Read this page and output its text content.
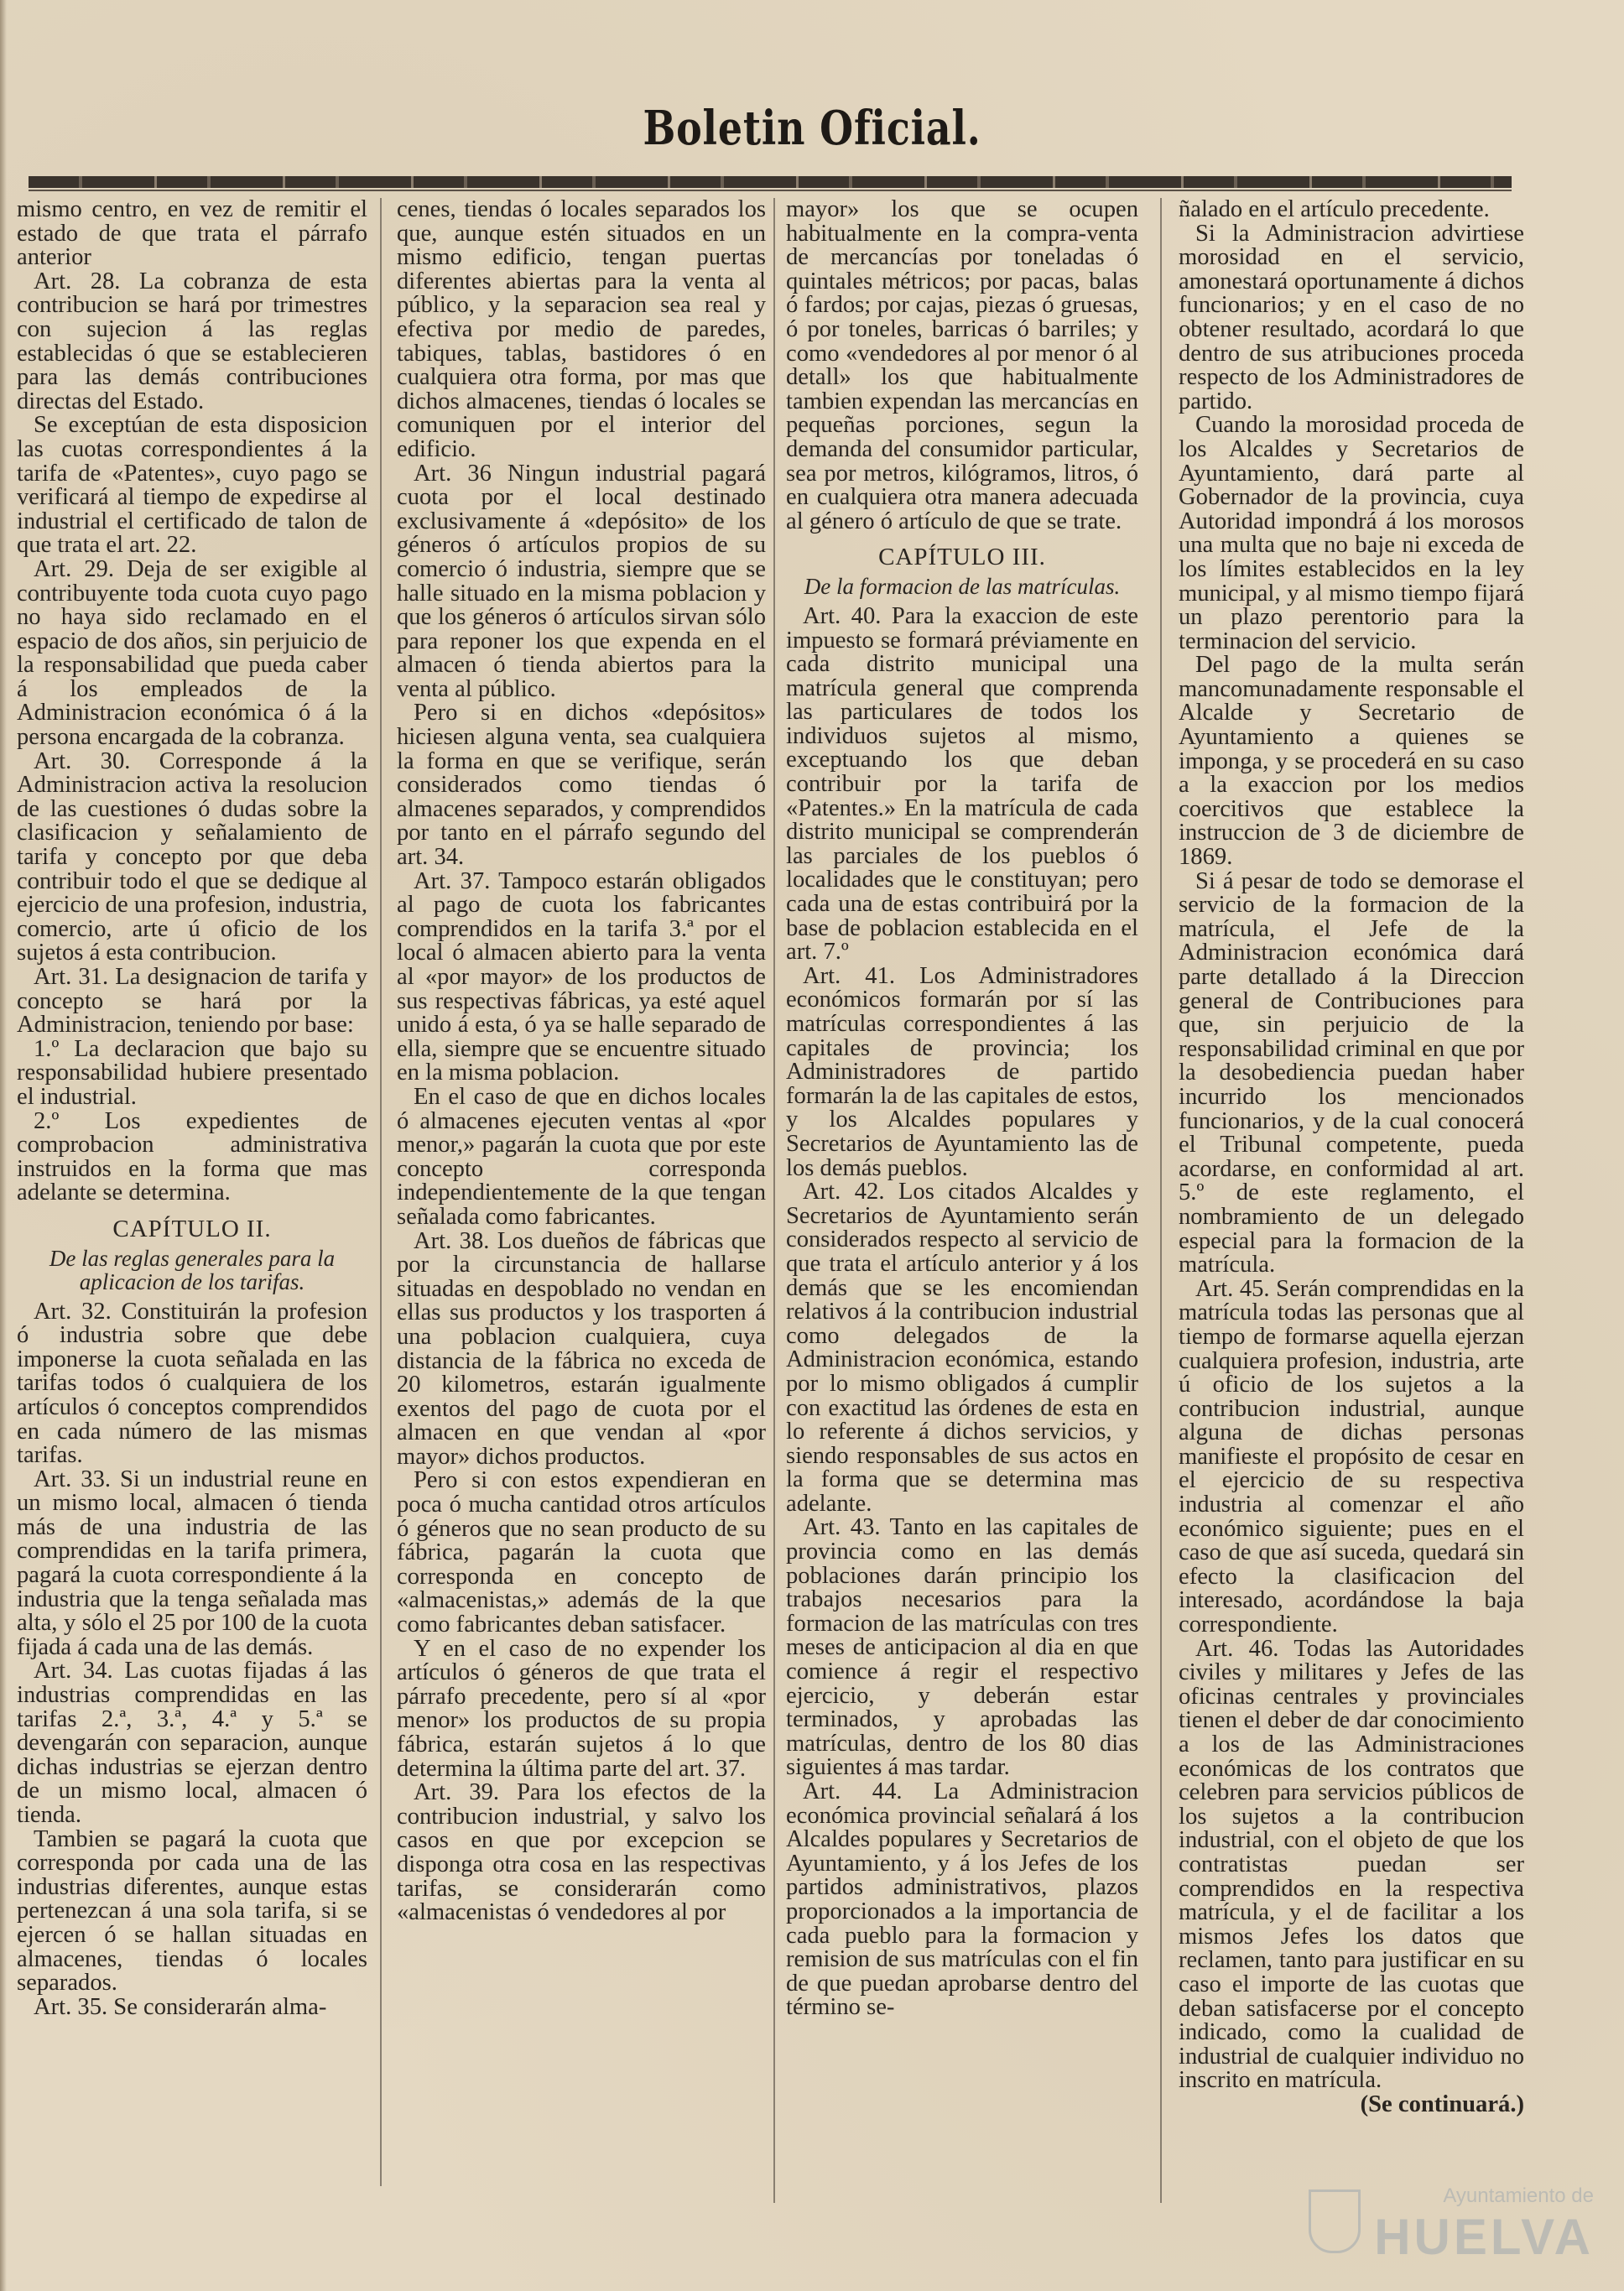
Boletin Oficial.

mismo centro, en vez de remitir el estado de que trata el párrafo anterior

Art. 28. La cobranza de esta contribucion se hará por trimestres con sujecion á las reglas establecidas ó que se establecieren para las demás contribuciones directas del Estado.

Se exceptúan de esta disposicion las cuotas correspondientes á la tarifa de «Patentes», cuyo pago se verificará al tiempo de expedirse al industrial el certificado de talon de que trata el art. 22.

Art. 29. Deja de ser exigible al contribuyente toda cuota cuyo pago no haya sido reclamado en el espacio de dos años, sin perjuicio de la responsabilidad que pueda caber á los empleados de la Administracion económica ó á la persona encargada de la cobranza.

Art. 30. Corresponde á la Administracion activa la resolucion de las cuestiones ó dudas sobre la clasificacion y señalamiento de tarifa y concepto por que deba contribuir todo el que se dedique al ejercicio de una profesion, industria, comercio, arte ú oficio de los sujetos á esta contribucion.

Art. 31. La designacion de tarifa y concepto se hará por la Administracion, teniendo por base:

1.º La declaracion que bajo su responsabilidad hubiere presentado el industrial.

2.º Los expedientes de comprobacion administrativa instruidos en la forma que mas adelante se determina.

CAPÍTULO II.
De las reglas generales para la aplicacion de los tarifas.

Art. 32. Constituirán la profesion ó industria sobre que debe imponerse la cuota señalada en las tarifas todos ó cualquiera de los artículos ó conceptos comprendidos en cada número de las mismas tarifas.

Art. 33. Si un industrial reune en un mismo local, almacen ó tienda más de una industria de las comprendidas en la tarifa primera, pagará la cuota correspondiente á la industria que la tenga señalada mas alta, y sólo el 25 por 100 de la cuota fijada á cada una de las demás.

Art. 34. Las cuotas fijadas á las industrias comprendidas en las tarifas 2.ª, 3.ª, 4.ª y 5.ª se devengarán con separacion, aunque dichas industrias se ejerzan dentro de un mismo local, almacen ó tienda.

Tambien se pagará la cuota que corresponda por cada una de las industrias diferentes, aunque estas pertenezcan á una sola tarifa, si se ejercen ó se hallan situadas en almacenes, tiendas ó locales separados.

Art. 35. Se considerarán alma-

cenes, tiendas ó locales separados los que, aunque estén situados en un mismo edificio, tengan puertas diferentes abiertas para la venta al público, y la separacion sea real y efectiva por medio de paredes, tabiques, tablas, bastidores ó en cualquiera otra forma, por mas que dichos almacenes, tiendas ó locales se comuniquen por el interior del edificio.

Art. 36 Ningun industrial pagará cuota por el local destinado exclusivamente á «depósito» de los géneros ó artículos propios de su comercio ó industria, siempre que se halle situado en la misma poblacion y que los géneros ó artículos sirvan sólo para reponer los que expenda en el almacen ó tienda abiertos para la venta al público.

Pero si en dichos «depósitos» hiciesen alguna venta, sea cualquiera la forma en que se verifique, serán considerados como tiendas ó almacenes separados, y comprendidos por tanto en el párrafo segundo del art. 34.

Art. 37. Tampoco estarán obligados al pago de cuota los fabricantes comprendidos en la tarifa 3.ª por el local ó almacen abierto para la venta al «por mayor» de los productos de sus respectivas fábricas, ya esté aquel unido á esta, ó ya se halle separado de ella, siempre que se encuentre situado en la misma poblacion.

En el caso de que en dichos locales ó almacenes ejecuten ventas al «por menor,» pagarán la cuota que por este concepto corresponda independientemente de la que tengan señalada como fabricantes.

Art. 38. Los dueños de fábricas que por la circunstancia de hallarse situadas en despoblado no vendan en ellas sus productos y los trasporten á una poblacion cualquiera, cuya distancia de la fábrica no exceda de 20 kilometros, estarán igualmente exentos del pago de cuota por el almacen en que vendan al «por mayor» dichos productos.

Pero si con estos expendieran en poca ó mucha cantidad otros artículos ó géneros que no sean producto de su fábrica, pagarán la cuota que corresponda en concepto de «almacenistas,» además de la que como fabricantes deban satisfacer.

Y en el caso de no expender los artículos ó géneros de que trata el párrafo precedente, pero sí al «por menor» los productos de su propia fábrica, estarán sujetos á lo que determina la última parte del art. 37.

Art. 39. Para los efectos de la contribucion industrial, y salvo los casos en que por excepcion se disponga otra cosa en las respectivas tarifas, se considerarán como «almacenistas ó vendedores al por

mayor» los que se ocupen habitualmente en la compra-venta de mercancías por toneladas ó quintales métricos; por pacas, balas ó fardos; por cajas, piezas ó gruesas, ó por toneles, barricas ó barriles; y como «vendedores al por menor ó al detall» los que habitualmente tambien expendan las mercancías en pequeñas porciones, segun la demanda del consumidor particular, sea por metros, kilógramos, litros, ó en cualquiera otra manera adecuada al género ó artículo de que se trate.

CAPÍTULO III.
De la formacion de las matrículas.

Art. 40. Para la exaccion de este impuesto se formará préviamente en cada distrito municipal una matrícula general que comprenda las particulares de todos los individuos sujetos al mismo, exceptuando los que deban contribuir por la tarifa de «Patentes.» En la matrícula de cada distrito municipal se comprenderán las parciales de los pueblos ó localidades que le constituyan; pero cada una de estas contribuirá por la base de poblacion establecida en el art. 7.º

Art. 41. Los Administradores económicos formarán por sí las matrículas correspondientes á las capitales de provincia; los Administradores de partido formarán la de las capitales de estos, y los Alcaldes populares y Secretarios de Ayuntamiento las de los demás pueblos.

Art. 42. Los citados Alcaldes y Secretarios de Ayuntamiento serán considerados respecto al servicio de que trata el artículo anterior y á los demás que se les encomiendan relativos á la contribucion industrial como delegados de la Administracion económica, estando por lo mismo obligados á cumplir con exactitud las órdenes de esta en lo referente á dichos servicios, y siendo responsables de sus actos en la forma que se determina mas adelante.

Art. 43. Tanto en las capitales de provincia como en las demás poblaciones darán principio los trabajos necesarios para la formacion de las matrículas con tres meses de anticipacion al dia en que comience á regir el respectivo ejercicio, y deberán estar terminados, y aprobadas las matrículas, dentro de los 80 dias siguientes á mas tardar.

Art. 44. La Administracion económica provincial señalará á los Alcaldes populares y Secretarios de Ayuntamiento, y á los Jefes de los partidos administrativos, plazos proporcionados a la importancia de cada pueblo para la formacion y remision de sus matrículas con el fin de que puedan aprobarse dentro del término se-

ñalado en el artículo precedente.

Si la Administracion advirtiese morosidad en el servicio, amonestará oportunamente á dichos funcionarios; y en el caso de no obtener resultado, acordará lo que dentro de sus atribuciones proceda respecto de los Administradores de partido.

Cuando la morosidad proceda de los Alcaldes y Secretarios de Ayuntamiento, dará parte al Gobernador de la provincia, cuya Autoridad impondrá á los morosos una multa que no baje ni exceda de los límites establecidos en la ley municipal, y al mismo tiempo fijará un plazo perentorio para la terminacion del servicio.

Del pago de la multa serán mancomunadamente responsable el Alcalde y Secretario de Ayuntamiento a quienes se imponga, y se procederá en su caso a la exaccion por los medios coercitivos que establece la instruccion de 3 de diciembre de 1869.

Si á pesar de todo se demorase el servicio de la formacion de la matrícula, el Jefe de la Administracion económica dará parte detallado á la Direccion general de Contribuciones para que, sin perjuicio de la responsabilidad criminal en que por la desobediencia puedan haber incurrido los mencionados funcionarios, y de la cual conocerá el Tribunal competente, pueda acordarse, en conformidad al art. 5.º de este reglamento, el nombramiento de un delegado especial para la formacion de la matrícula.

Art. 45. Serán comprendidas en la matrícula todas las personas que al tiempo de formarse aquella ejerzan cualquiera profesion, industria, arte ú oficio de los sujetos a la contribucion industrial, aunque alguna de dichas personas manifieste el propósito de cesar en el ejercicio de su respectiva industria al comenzar el año económico siguiente; pues en el caso de que así suceda, quedará sin efecto la clasificacion del interesado, acordándose la baja correspondiente.

Art. 46. Todas las Autoridades civiles y militares y Jefes de las oficinas centrales y provinciales tienen el deber de dar conocimiento a los de las Administraciones económicas de los contratos que celebren para servicios públicos de los sujetos a la contribucion industrial, con el objeto de que los contratistas puedan ser comprendidos en la respectiva matrícula, y el de facilitar a los mismos Jefes los datos que reclamen, tanto para justificar en su caso el importe de las cuotas que deban satisfacerse por el concepto indicado, como la cualidad de industrial de cualquier individuo no inscrito en matrícula.

(Se continuará.)

Ayuntamiento de
HUELVA
